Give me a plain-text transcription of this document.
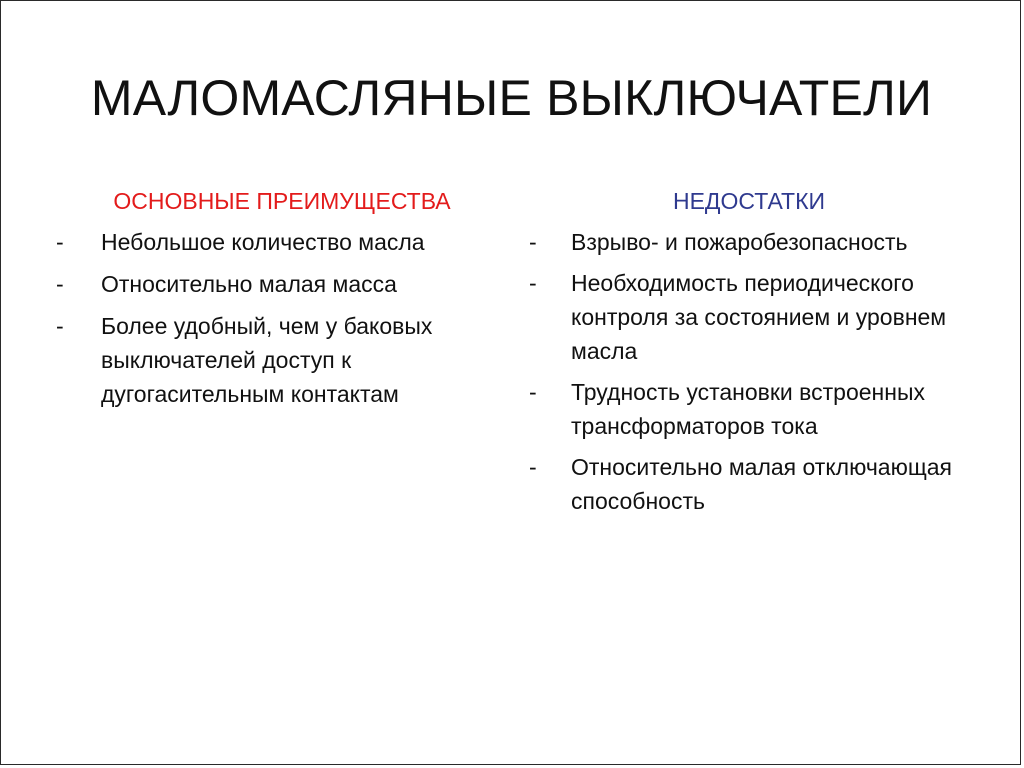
МАЛОМАСЛЯНЫЕ ВЫКЛЮЧАТЕЛИ
ОСНОВНЫЕ ПРЕИМУЩЕСТВА
-	Небольшое количество масла
-	Относительно малая масса
-	Более удобный, чем у баковых выключателей доступ к дугогасительным контактам
НЕДОСТАТКИ
-	Взрыво- и пожаробезопасность
-	Необходимость периодического контроля за состоянием и уровнем масла
-	Трудность установки встроенных трансформаторов тока
-	Относительно малая отключающая способность
